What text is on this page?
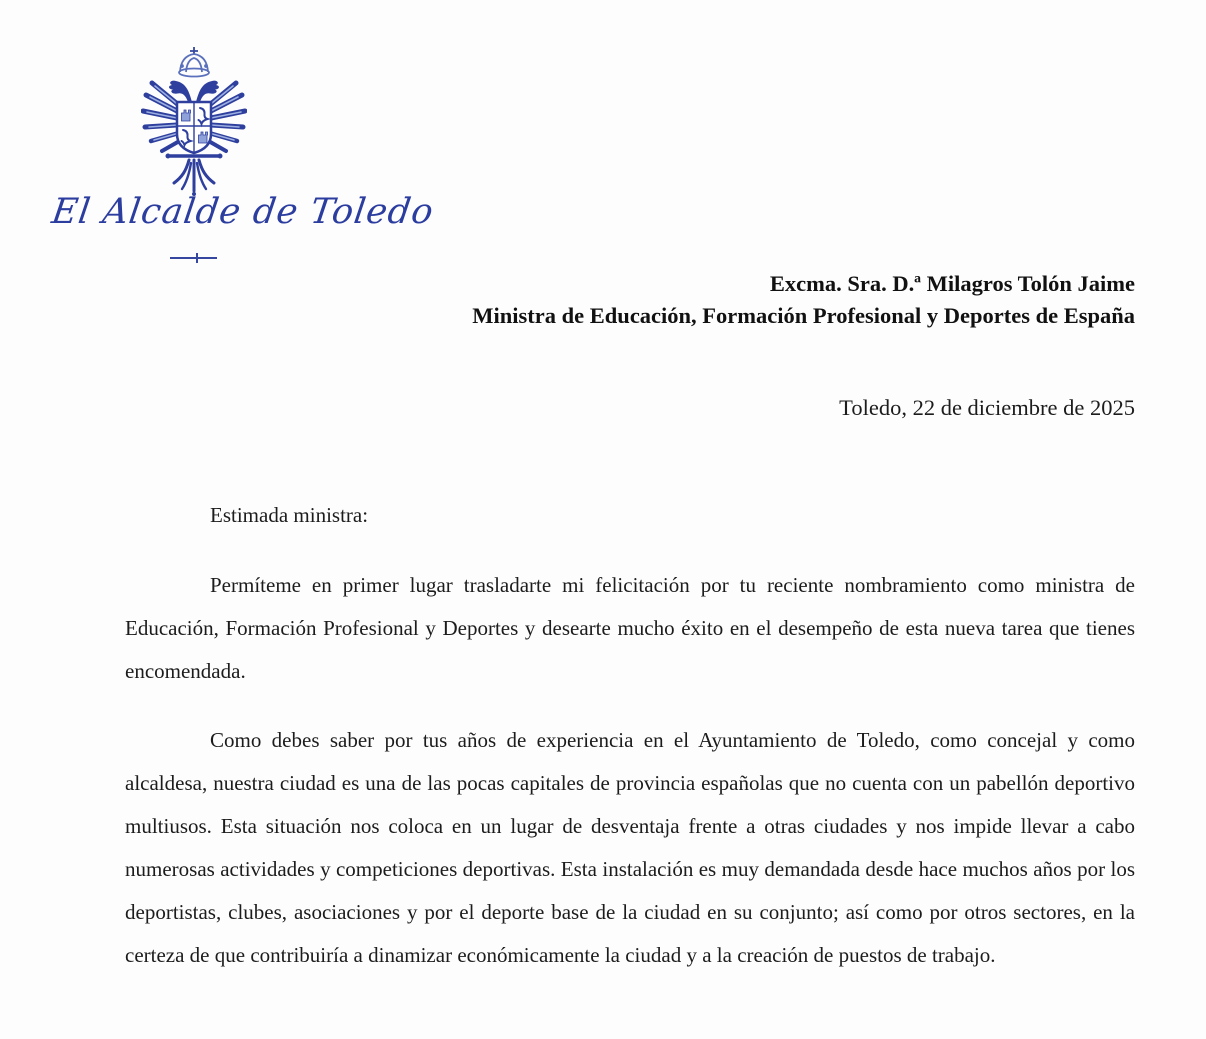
El Alcalde de Toledo
Excma. Sra. D.ª Milagros Tolón Jaime
Ministra de Educación, Formación Profesional y Deportes de España
Toledo, 22 de diciembre de 2025

Estimada ministra:

Permíteme en primer lugar trasladarte mi felicitación por tu reciente nombramiento como ministra de Educación, Formación Profesional y Deportes y desearte mucho éxito en el desempeño de esta nueva tarea que tienes encomendada.

Como debes saber por tus años de experiencia en el Ayuntamiento de Toledo, como concejal y como alcaldesa, nuestra ciudad es una de las pocas capitales de provincia españolas que no cuenta con un pabellón deportivo multiusos. Esta situación nos coloca en un lugar de desventaja frente a otras ciudades y nos impide llevar a cabo numerosas actividades y competiciones deportivas. Esta instalación es muy demandada desde hace muchos años por los deportistas, clubes, asociaciones y por el deporte base de la ciudad en su conjunto; así como por otros sectores, en la certeza de que contribuiría a dinamizar económicamente la ciudad y a la creación de puestos de trabajo.
